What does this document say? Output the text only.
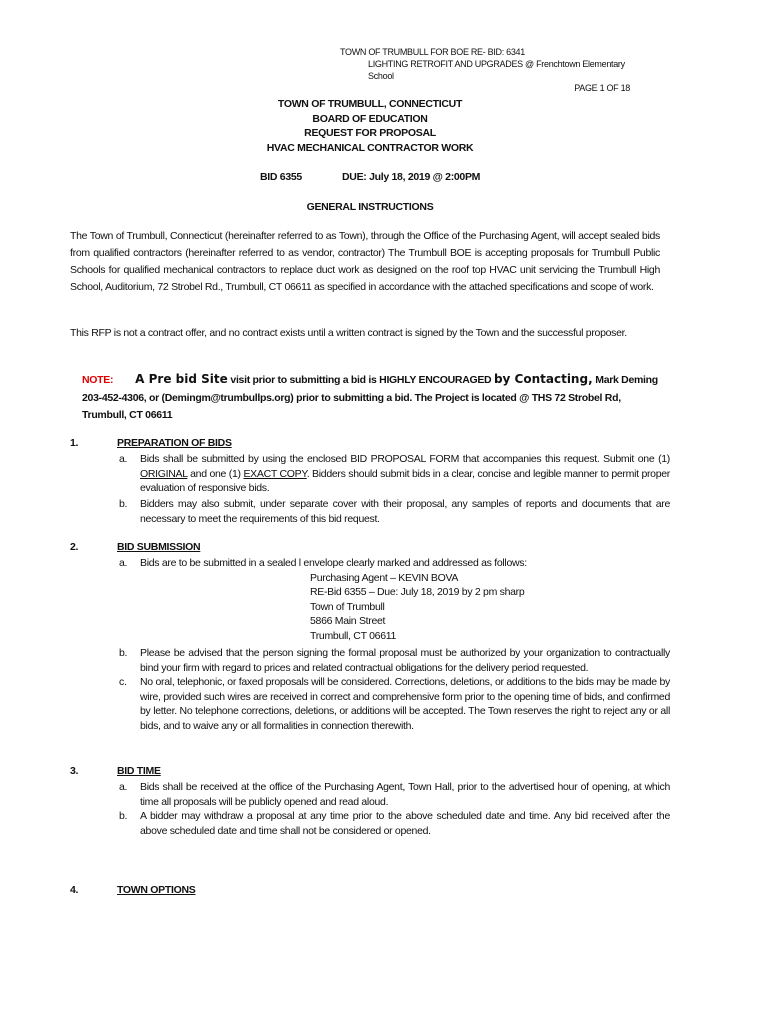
TOWN OF TRUMBULL FOR BOE RE- BID: 6341
LIGHTING RETROFIT AND UPGRADES @ Frenchtown Elementary School
PAGE 1 OF 18
TOWN OF TRUMBULL, CONNECTICUT
BOARD OF EDUCATION
REQUEST FOR PROPOSAL
HVAC MECHANICAL CONTRACTOR WORK
BID 6355	DUE: July 18, 2019 @ 2:00PM
GENERAL INSTRUCTIONS
The Town of Trumbull, Connecticut (hereinafter referred to as Town), through the Office of the Purchasing Agent, will accept sealed bids from qualified contractors (hereinafter referred to as vendor, contractor) The Trumbull BOE is accepting proposals for Trumbull Public Schools for qualified mechanical contractors to replace duct work as designed on the roof top HVAC unit servicing the Trumbull High School, Auditorium, 72 Strobel Rd., Trumbull, CT 06611 as specified in accordance with the attached specifications and scope of work.
This RFP is not a contract offer, and no contract exists until a written contract is signed by the Town and the successful proposer.
NOTE: A Pre bid Site visit prior to submitting a bid is HIGHLY ENCOURAGED by Contacting, Mark Deming 203-452-4306, or (Demingm@trumbullps.org) prior to submitting a bid. The Project is located @ THS 72 Strobel Rd, Trumbull, CT 06611
1.	PREPARATION OF BIDS
a. Bids shall be submitted by using the enclosed BID PROPOSAL FORM that accompanies this request. Submit one (1) ORIGINAL and one (1) EXACT COPY. Bidders should submit bids in a clear, concise and legible manner to permit proper evaluation of responsive bids.
b. Bidders may also submit, under separate cover with their proposal, any samples of reports and documents that are necessary to meet the requirements of this bid request.
2.	BID SUBMISSION
a. Bids are to be submitted in a sealed l envelope clearly marked and addressed as follows:
Purchasing Agent – KEVIN BOVA
RE-Bid 6355 – Due: July 18, 2019 by 2 pm sharp
Town of Trumbull
5866 Main Street
Trumbull, CT 06611
b. Please be advised that the person signing the formal proposal must be authorized by your organization to contractually bind your firm with regard to prices and related contractual obligations for the delivery period requested.
c. No oral, telephonic, or faxed proposals will be considered. Corrections, deletions, or additions to the bids may be made by wire, provided such wires are received in correct and comprehensive form prior to the opening time of bids, and confirmed by letter. No telephone corrections, deletions, or additions will be accepted. The Town reserves the right to reject any or all bids, and to waive any or all formalities in connection therewith.
3.	BID TIME
a. Bids shall be received at the office of the Purchasing Agent, Town Hall, prior to the advertised hour of opening, at which time all proposals will be publicly opened and read aloud.
b. A bidder may withdraw a proposal at any time prior to the above scheduled date and time. Any bid received after the above scheduled date and time shall not be considered or opened.
4.	TOWN OPTIONS
